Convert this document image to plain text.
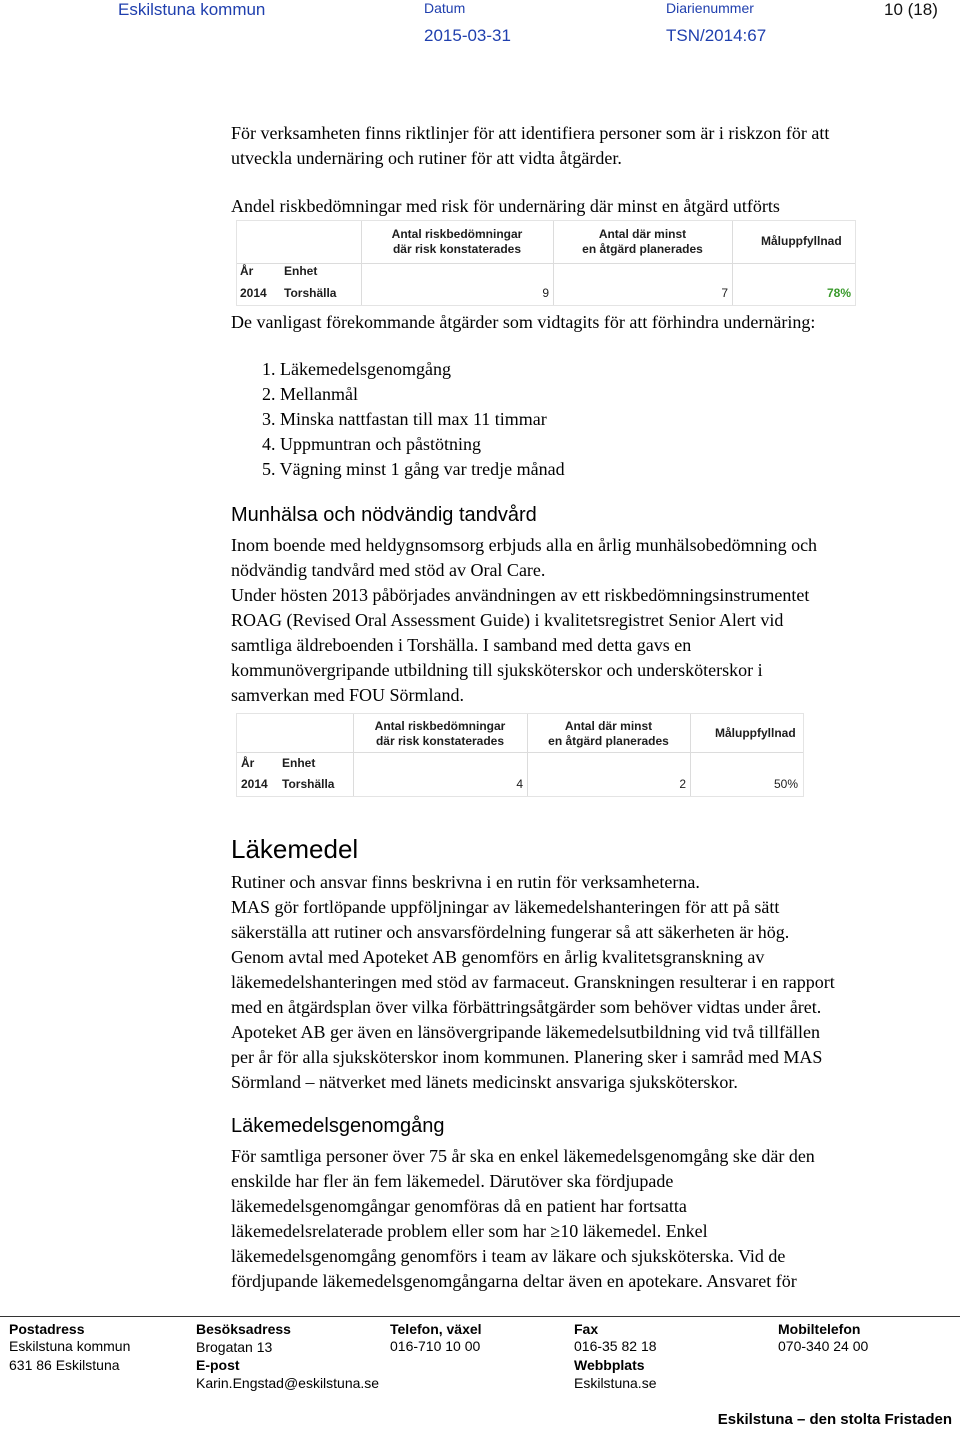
Eskilstuna kommun	Datum
2015-03-31
Diarienummer
TSN/2014:67
10 (18)
För verksamheten finns riktlinjer för att identifiera personer som är i riskzon för att
utveckla undernäring och rutiner för att vidta åtgärder.
Andel riskbedömningar med risk för undernäring där minst en åtgärd utförts
Antal riskbedömningar
där risk konstaterades
Antal där minst
en åtgärd planerades
Måluppfyllnad
År	Enhet
2014 Torshälla	9	7	78%
De vanligast förekommande åtgärder som vidtagits för att förhindra undernäring:
1. Läkemedelsgenomgång
2. Mellanmål
3. Minska nattfastan till max 11 timmar
4. Uppmuntran och påstötning
5. Vägning minst 1 gång var tredje månad
Munhälsa och nödvändig tandvård
Inom boende med heldygnsomsorg erbjuds alla en årlig munhälsobedömning och
nödvändig tandvård med stöd av Oral Care.
Under hösten 2013 påbörjades användningen av ett riskbedömningsinstrumentet
ROAG (Revised Oral Assessment Guide) i kvalitetsregistret Senior Alert vid
samtliga äldreboenden i Torshälla. I samband med detta gavs en
kommunövergripande utbildning till sjuksköterskor och undersköterskor i
samverkan med FOU Sörmland.
Antal riskbedömningar
där risk konstaterades
Antal där minst
en åtgärd planerades
Måluppfyllnad
År Enhet
2014 Torshälla	4	2	50%
Läkemedel
Rutiner och ansvar finns beskrivna i en rutin för verksamheterna.
MAS gör fortlöpande uppföljningar av läkemedelshanteringen för att på sätt
säkerställa att rutiner och ansvarsfördelning fungerar så att säkerheten är hög.
Genom avtal med Apoteket AB genomförs en årlig kvalitetsgranskning av
läkemedelshanteringen med stöd av farmaceut. Granskningen resulterar i en rapport
med en åtgärdsplan över vilka förbättringsåtgärder som behöver vidtas under året.
Apoteket AB ger även en länsövergripande läkemedelsutbildning vid två tillfällen
per år för alla sjuksköterskor inom kommunen. Planering sker i samråd med MAS
Sörmland – nätverket med länets medicinskt ansvariga sjuksköterskor.
Läkemedelsgenomgång
För samtliga personer över 75 år ska en enkel läkemedelsgenomgång ske där den
enskilde har fler än fem läkemedel. Därutöver ska fördjupade
läkemedelsgenomgångar genomföras då en patient har fortsatta
läkemedelsrelaterade problem eller som har ≥10 läkemedel. Enkel
läkemedelsgenomgång genomförs i team av läkare och sjuksköterska. Vid de
fördjupande läkemedelsgenomgångarna deltar även en apotekare. Ansvaret för
Postadress
Eskilstuna kommun
631 86 Eskilstuna
Besöksadress
Brogatan 13
E-post
Karin.Engstad@eskilstuna.se
Telefon, växel
016-710 10 00
Fax
016-35 82 18
Webbplats
Eskilstuna.se
Mobiltelefon
070-340 24 00
Eskilstuna – den stolta Fristaden
